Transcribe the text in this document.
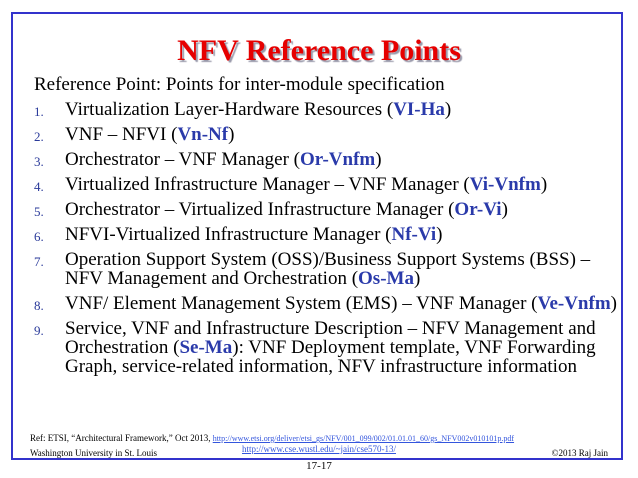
NFV Reference Points
Reference Point: Points for inter-module specification
1. Virtualization Layer-Hardware Resources (VI-Ha)
2. VNF – NFVI (Vn-Nf)
3. Orchestrator – VNF Manager (Or-Vnfm)
4. Virtualized Infrastructure Manager – VNF Manager (Vi-Vnfm)
5. Orchestrator – Virtualized Infrastructure Manager (Or-Vi)
6. NFVI-Virtualized Infrastructure Manager (Nf-Vi)
7. Operation Support System (OSS)/Business Support Systems (BSS) – NFV Management and Orchestration (Os-Ma)
8. VNF/ Element Management System (EMS) – VNF Manager (Ve-Vnfm)
9. Service, VNF and Infrastructure Description – NFV Management and Orchestration (Se-Ma): VNF Deployment template, VNF Forwarding Graph, service-related information, NFV infrastructure information
Ref: ETSI, “Architectural Framework,” Oct 2013, http://www.etsi.org/deliver/etsi_gs/NFV/001_099/002/01.01.01_60/gs_NFV002v010101p.pdf
Washington University in St. Louis	http://www.cse.wustl.edu/~jain/cse570-13/	©2013 Raj Jain
17-17
